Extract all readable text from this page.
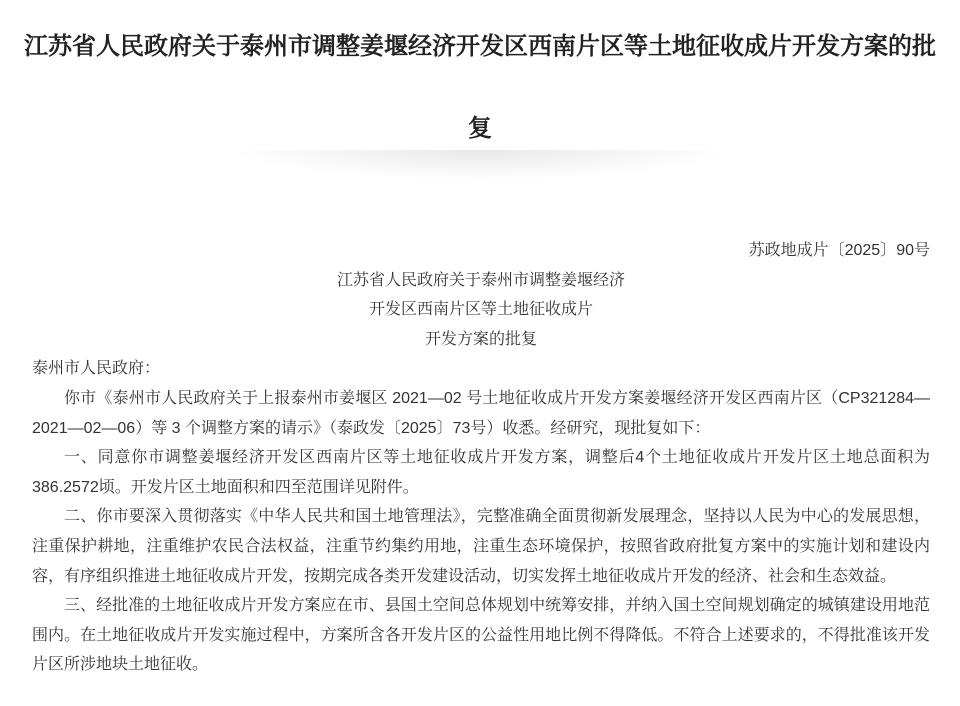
江苏省人民政府关于泰州市调整姜堰经济开发区西南片区等土地征收成片开发方案的批复

苏政地成片〔2025〕90号

江苏省人民政府关于泰州市调整姜堰经济

开发区西南片区等土地征收成片

开发方案的批复

泰州市人民政府：

你市《泰州市人民政府关于上报泰州市姜堰区 2021—02 号土地征收成片开发方案姜堰经济开发区西南片区（CP321284—2021—02—06）等 3 个调整方案的请示》（泰政发〔2025〕73号）收悉。经研究，现批复如下：

一、同意你市调整姜堰经济开发区西南片区等土地征收成片开发方案，调整后4个土地征收成片开发片区土地总面积为386.2572顷。开发片区土地面积和四至范围详见附件。

二、你市要深入贯彻落实《中华人民共和国土地管理法》，完整准确全面贯彻新发展理念，坚持以人民为中心的发展思想，注重保护耕地，注重维护农民合法权益，注重节约集约用地，注重生态环境保护，按照省政府批复方案中的实施计划和建设内容，有序组织推进土地征收成片开发，按期完成各类开发建设活动，切实发挥土地征收成片开发的经济、社会和生态效益。

三、经批准的土地征收成片开发方案应在市、县国土空间总体规划中统筹安排，并纳入国土空间规划确定的城镇建设用地范围内。在土地征收成片开发实施过程中，方案所含各开发片区的公益性用地比例不得降低。不符合上述要求的，不得批准该开发片区所涉地块土地征收。
